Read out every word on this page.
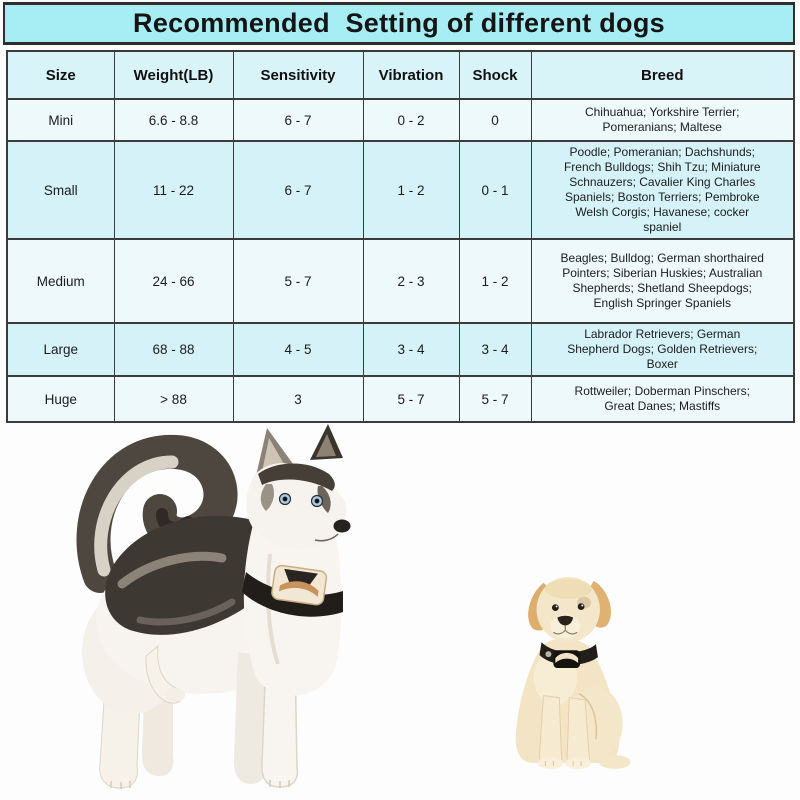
Recommended  Setting of different dogs
Size	Weight(LB)	Sensitivity	Vibration	Shock	Breed
Mini	6.6 - 8.8	6 - 7	0 - 2	0	Chihuahua; Yorkshire Terrier; Pomeranians; Maltese
Small	11 - 22	6 - 7	1 - 2	0 - 1	Poodle; Pomeranian; Dachshunds; French Bulldogs; Shih Tzu; Miniature Schnauzers; Cavalier King Charles Spaniels; Boston Terriers; Pembroke Welsh Corgis; Havanese; cocker spaniel
Medium	24 - 66	5 - 7	2 - 3	1 - 2	Beagles; Bulldog; German shorthaired Pointers; Siberian Huskies; Australian Shepherds; Shetland Sheepdogs; English Springer Spaniels
Large	68 - 88	4 - 5	3 - 4	3 - 4	Labrador Retrievers; German Shepherd Dogs; Golden Retrievers; Boxer
Huge	> 88	3	5 - 7	5 - 7	Rottweiler; Doberman Pinschers; Great Danes; Mastiffs
